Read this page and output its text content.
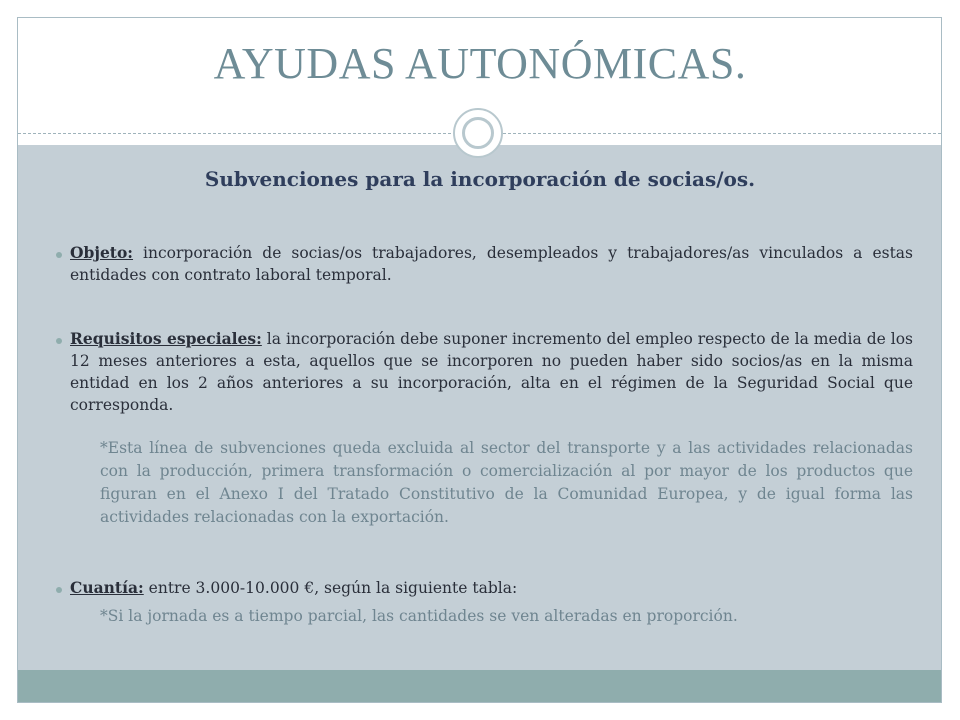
AYUDAS AUTONÓMICAS.
Subvenciones para la incorporación de socias/os.
Objeto: incorporación de socias/os trabajadores, desempleados y trabajadores/as vinculados a estas entidades con contrato laboral temporal.
Requisitos especiales: la incorporación debe suponer incremento del empleo respecto de la media de los 12 meses anteriores a esta, aquellos que se incorporen no pueden haber sido socios/as en la misma entidad en los 2 años anteriores a su incorporación, alta en el régimen de la Seguridad Social que corresponda.
*Esta línea de subvenciones queda excluida al sector del transporte y a las actividades relacionadas con la producción, primera transformación o comercialización al por mayor de los productos que figuran en el Anexo I del Tratado Constitutivo de la Comunidad Europea, y de igual forma las actividades relacionadas con la exportación.
Cuantía: entre 3.000-10.000 €, según la siguiente tabla:
*Si la jornada es a tiempo parcial, las cantidades se ven alteradas en proporción.
